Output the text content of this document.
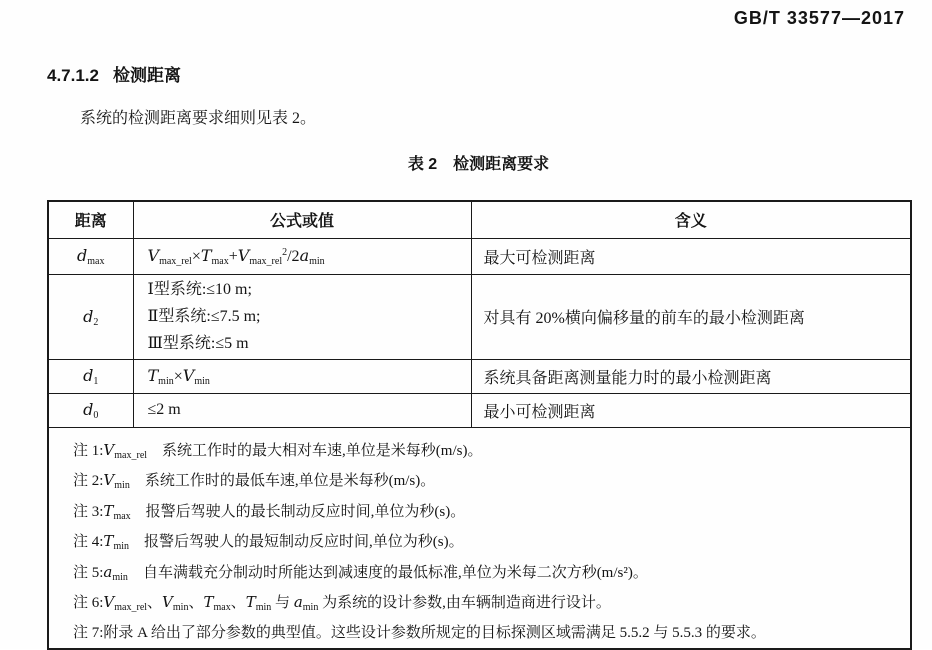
GB/T 33577—2017
4.7.1.2 检测距离
系统的检测距离要求细则见表 2。
表 2　检测距离要求
距离	公式或值	含义
$d_{max}$	$V_{max\_rel}\times T_{max}+V_{max\_rel}^2/2a_{min}$	最大可检测距离
$d_2$	Ⅰ型系统:≤10 m;
Ⅱ型系统:≤7.5 m;
Ⅲ型系统:≤5 m	对具有 20%横向偏移量的前车的最小检测距离
$d_1$	$T_{min}\times V_{min}$	系统具备距离测量能力时的最小检测距离
$d_0$	≤2 m	最小可检测距离

注 $1:V_{max\_rel}$　系统工作时的最大相对车速,单位是米每秒(m/s)。
注 $2:V_{min}$　系统工作时的最低车速,单位是米每秒(m/s)。
注 $3:T_{max}$　报警后驾驶人的最长制动反应时间,单位为秒(s)。
注 $4:T_{min}$　报警后驾驶人的最短制动反应时间,单位为秒(s)。
注 $5:a_{min}$　自车满载充分制动时所能达到减速度的最低标准,单位为米每二次方秒(m/s²)。
注 $6:V_{max\_rel}$、$V_{min}$、$T_{max}$、$T_{min}$ 与 $a_{min}$ 为系统的设计参数,由车辆制造商进行设计。
注 7:附录 A 给出了部分参数的典型值。这些设计参数所规定的目标探测区域需满足 5.5.2 与 5.5.3 的要求。
